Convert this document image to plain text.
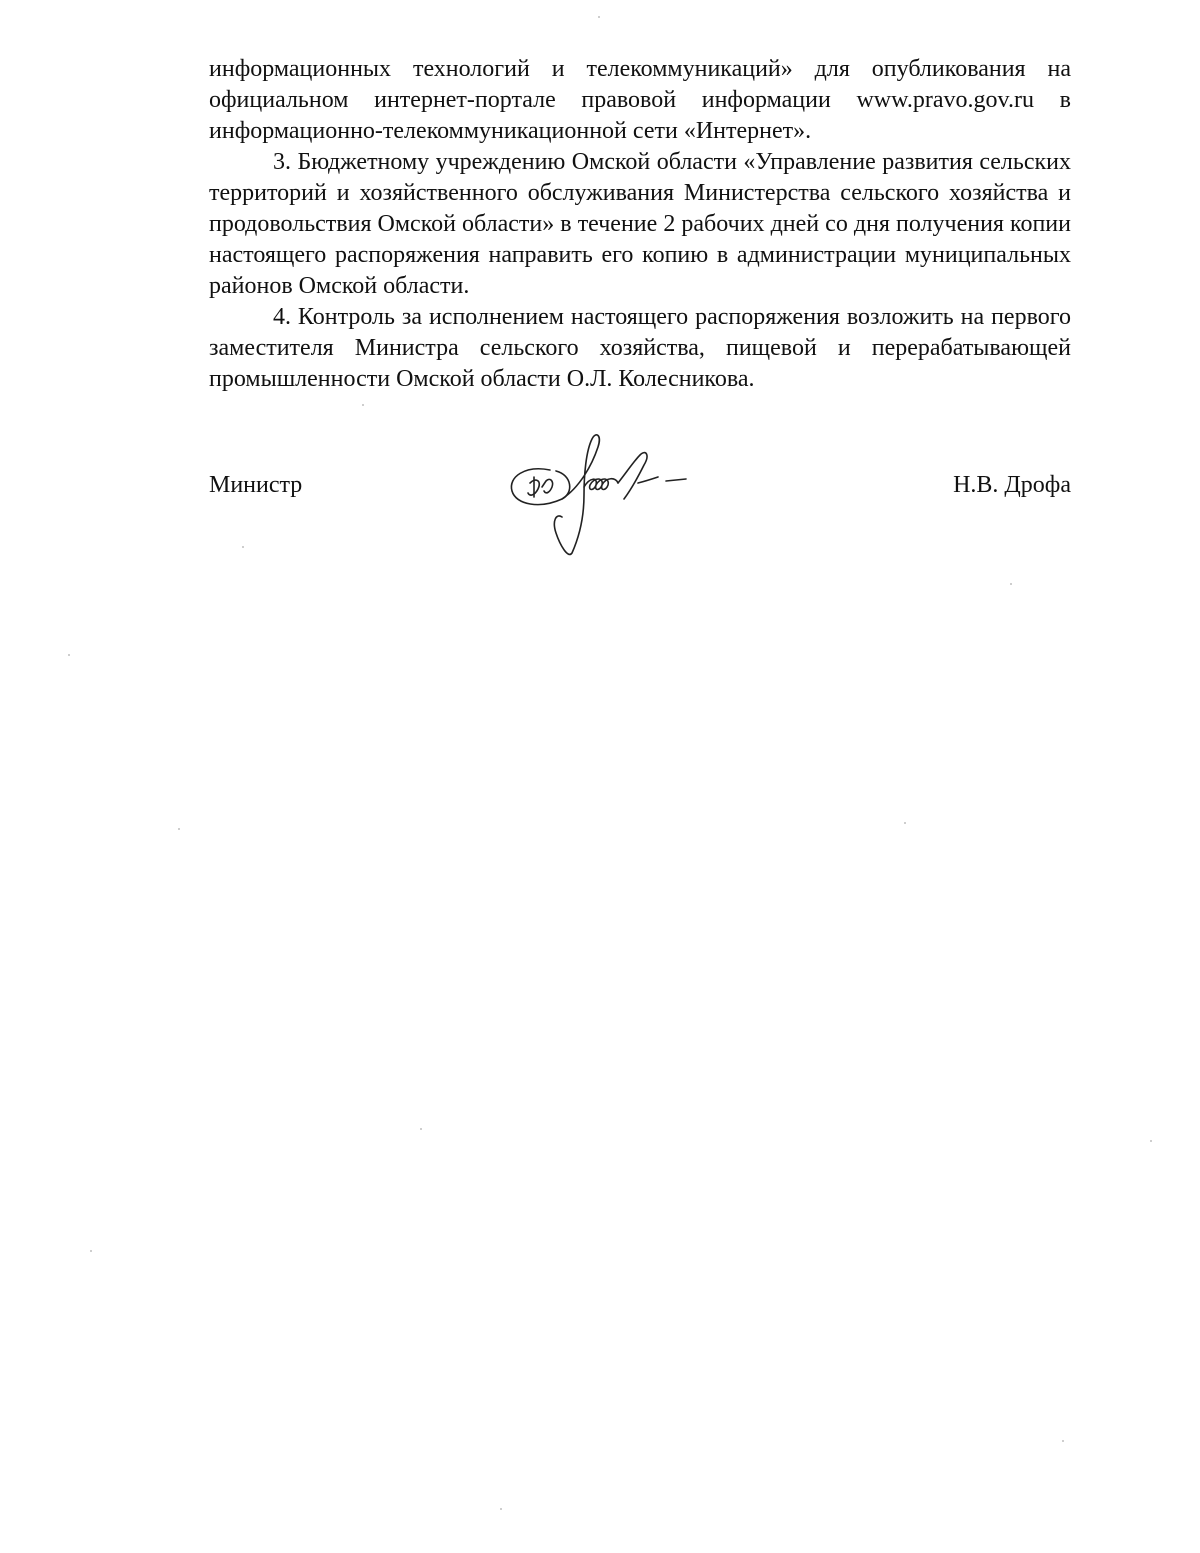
информационных технологий и телекоммуникаций» для опубликования на официальном интернет-портале правовой информации www.pravo.gov.ru в информационно-телекоммуникационной сети «Интернет».

3. Бюджетному учреждению Омской области «Управление развития сельских территорий и хозяйственного обслуживания Министерства сельского хозяйства и продовольствия Омской области» в течение 2 рабочих дней со дня получения копии настоящего распоряжения направить его копию в администрации муниципальных районов Омской области.

4. Контроль за исполнением настоящего распоряжения возложить на первого заместителя Министра сельского хозяйства, пищевой и перерабатывающей промышленности Омской области О.Л. Колесникова.

Министр	Н.В. Дрофа
